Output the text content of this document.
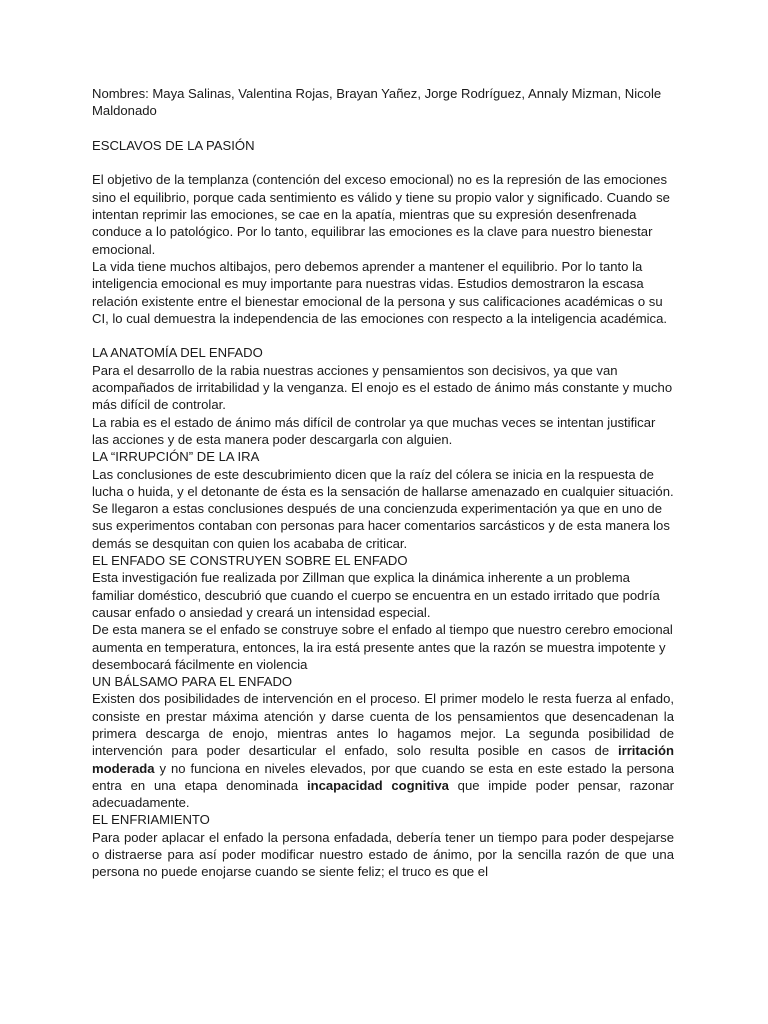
Nombres: Maya Salinas, Valentina Rojas, Brayan Yañez, Jorge Rodríguez, Annaly Mizman, Nicole Maldonado

ESCLAVOS DE LA PASIÓN

El objetivo de la templanza (contención del exceso emocional) no es la represión de las emociones sino el equilibrio, porque cada sentimiento es válido y tiene su propio valor y significado. Cuando se intentan reprimir las emociones, se cae en la apatía, mientras que su expresión desenfrenada conduce a lo patológico. Por lo tanto, equilibrar las emociones es la clave para nuestro bienestar emocional.

La vida tiene muchos altibajos, pero debemos aprender a mantener el equilibrio. Por lo tanto la inteligencia emocional es muy importante para nuestras vidas. Estudios demostraron la escasa relación existente entre el bienestar emocional de la persona y sus calificaciones académicas o su CI, lo cual demuestra la independencia de las emociones con respecto a la inteligencia académica.

LA ANATOMÍA DEL ENFADO

Para el desarrollo de la rabia nuestras acciones y pensamientos son decisivos, ya que van acompañados de irritabilidad y la venganza. El enojo es el estado de ánimo más constante y mucho más difícil de controlar.

La rabia es el estado de ánimo más difícil de controlar ya que muchas veces se intentan justificar las acciones y de esta manera poder descargarla con alguien.

LA “IRRUPCIÓN” DE LA IRA

Las conclusiones de este descubrimiento dicen que la raíz del cólera se inicia en la respuesta de lucha o huida, y el detonante de ésta es la sensación de hallarse amenazado en cualquier situación.

Se llegaron a estas conclusiones después de una concienzuda experimentación ya que en uno de sus experimentos contaban con personas para hacer comentarios sarcásticos y de esta manera los demás se desquitan con quien los acababa de criticar.

EL ENFADO SE CONSTRUYEN SOBRE EL ENFADO

Esta investigación fue realizada por Zillman que explica la dinámica inherente a un problema familiar doméstico, descubrió que cuando el cuerpo se encuentra en un estado irritado que podría causar enfado o ansiedad y creará un intensidad especial.

De esta manera se el enfado se construye sobre el enfado al tiempo que nuestro cerebro emocional aumenta en temperatura, entonces, la ira está presente antes que la razón se muestra impotente y desembocará fácilmente en violencia

UN BÁLSAMO PARA EL ENFADO

Existen dos posibilidades de intervención en el proceso. El primer modelo le resta fuerza al enfado, consiste en prestar máxima atención y darse cuenta de los pensamientos que desencadenan la primera descarga de enojo, mientras antes lo hagamos mejor. La segunda posibilidad de intervención para poder desarticular el enfado, solo resulta posible en casos de irritación moderada y no funciona en niveles elevados, por que cuando se esta en este estado la persona entra en una etapa denominada incapacidad cognitiva que impide poder pensar, razonar adecuadamente.

EL ENFRIAMIENTO

Para poder aplacar el enfado la persona enfadada, debería tener un tiempo para poder despejarse o distraerse para así poder modificar nuestro estado de ánimo, por la sencilla razón de que una persona no puede enojarse cuando se siente feliz; el truco es que el
